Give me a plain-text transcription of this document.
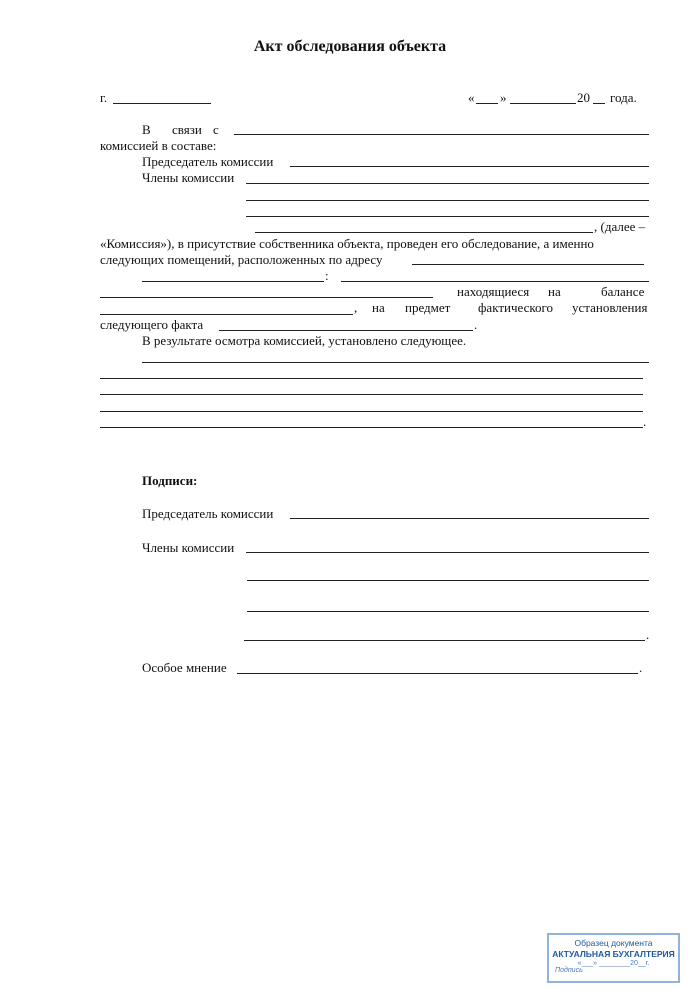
Акт обследования объекта
г.	« »	20 года.
В связи с
комиссией в составе:
Председатель комиссии
Члены комиссии
, (далее –
«Комиссия»), в присутствие собственника объекта, проведен его обследование, а именно
следующих помещений, расположенных по адресу
:
находящиеся на	балансе
, на предмет фактического установления
следующего факта	.
В результате осмотра комиссией, установлено следующее.
.
Подписи:
Председатель комиссии
Члены комиссии
.
Особое мнение	.
Образец документа
АКТУАЛЬНАЯ БУХГАЛТЕРИЯ
«___» ________20__г.
Подпись
